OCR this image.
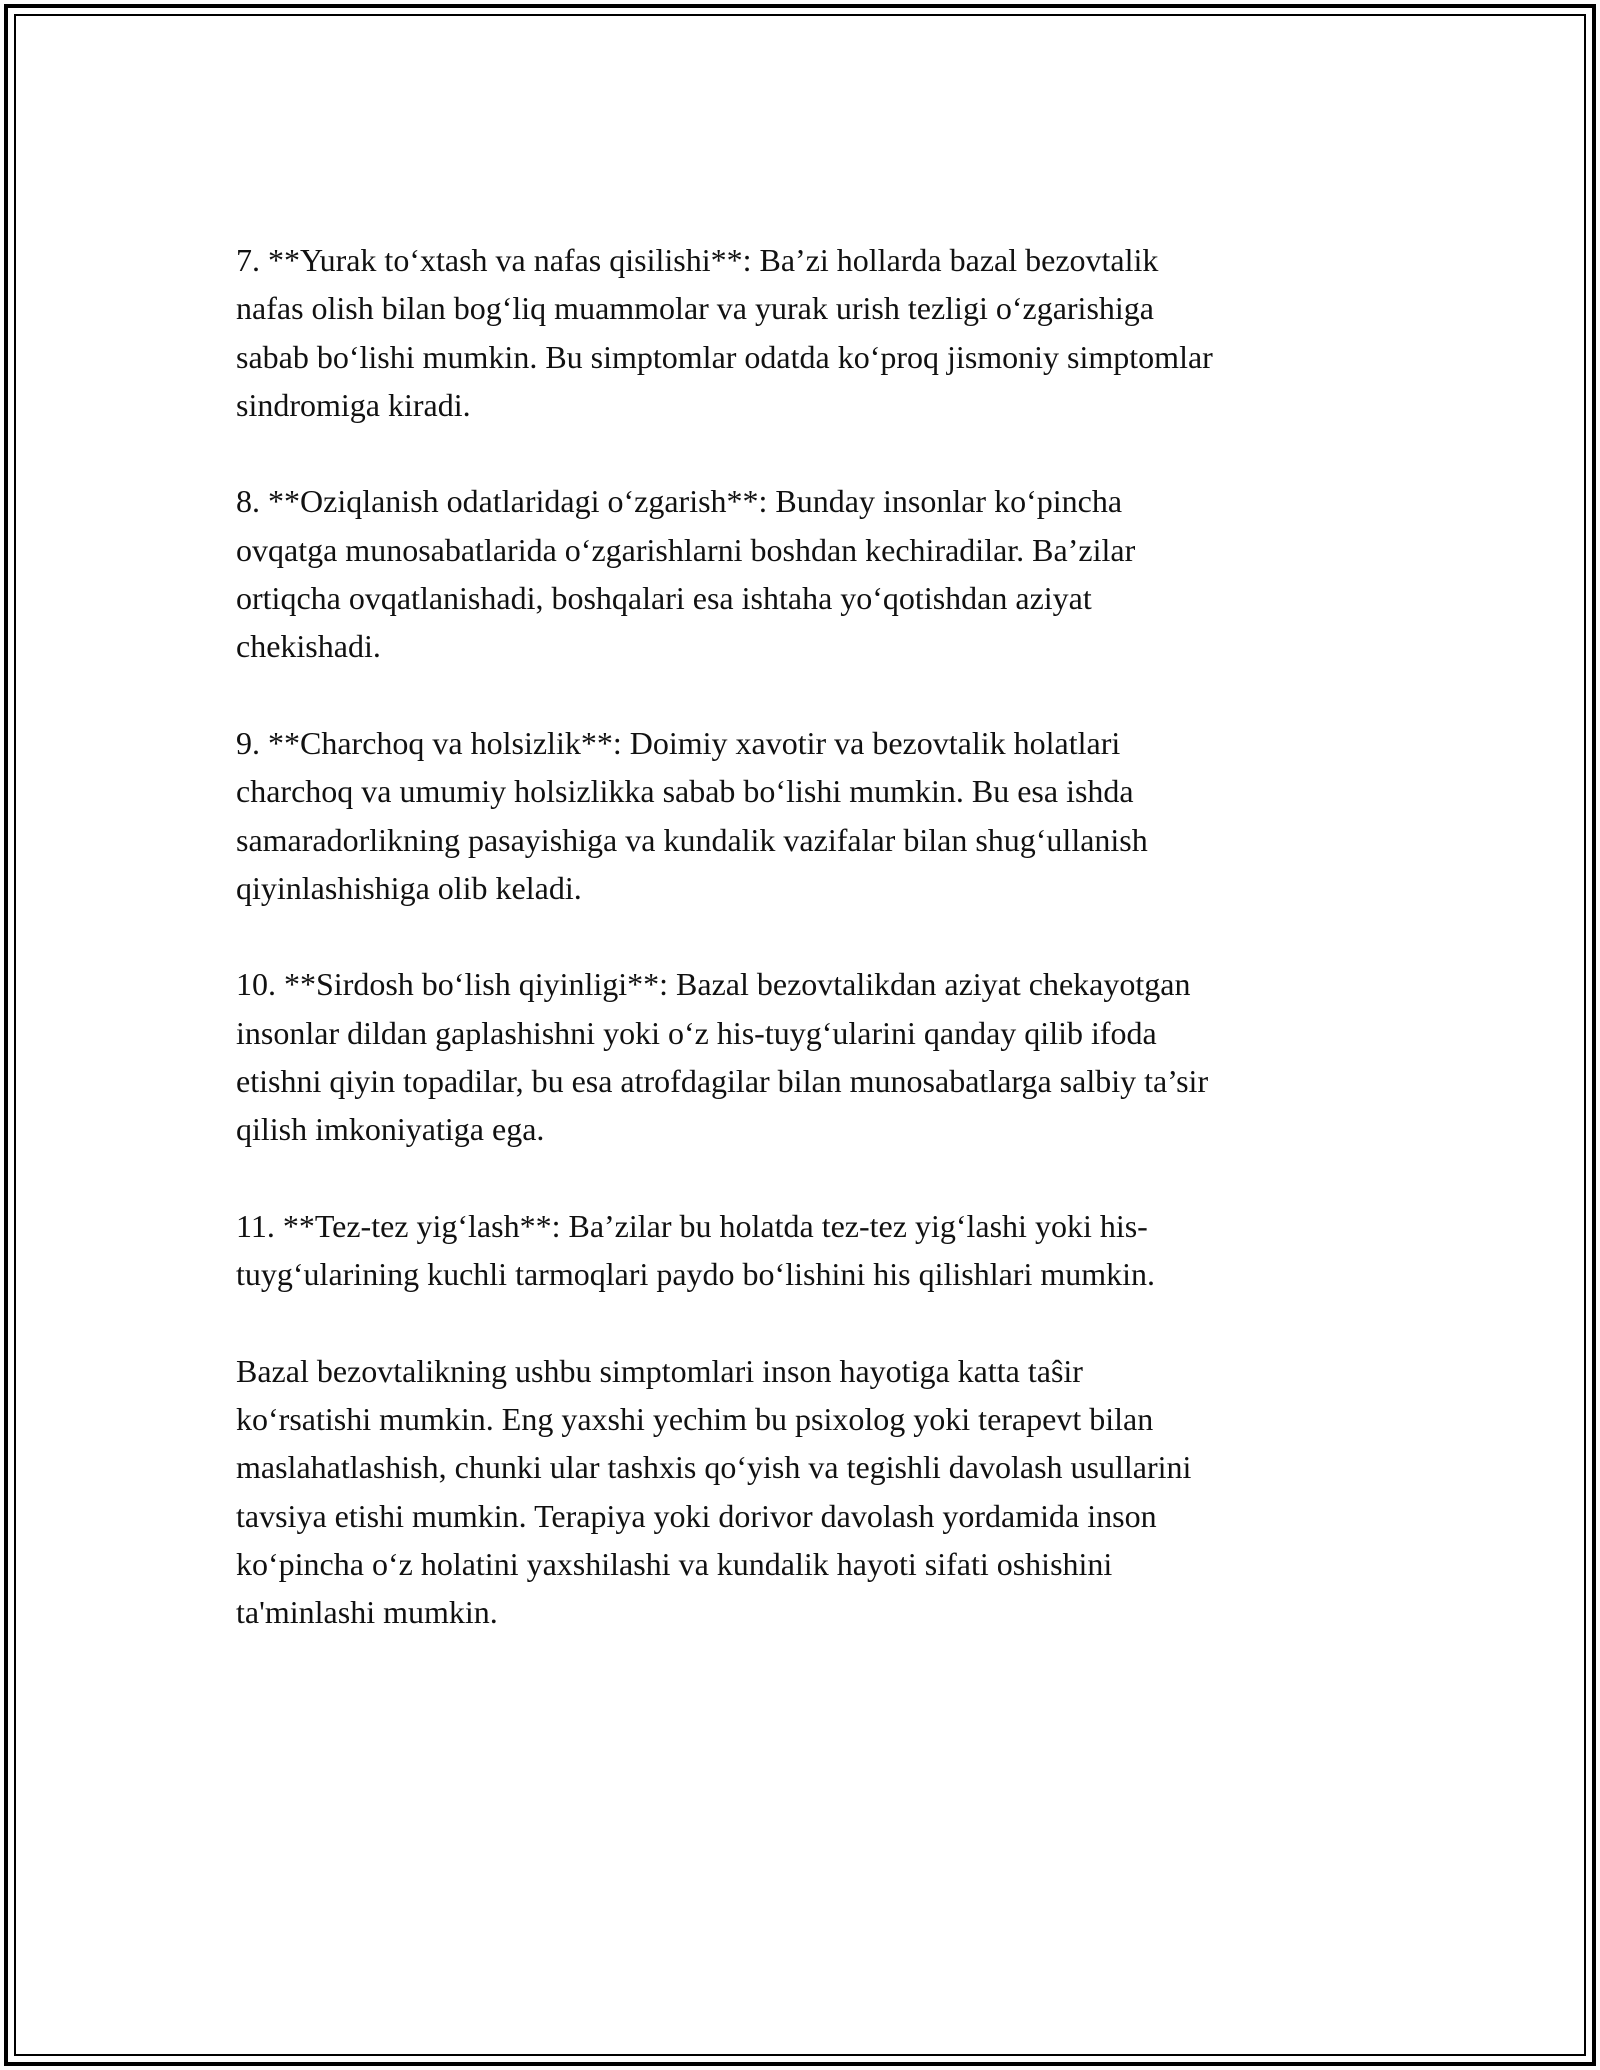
7. **Yurak to‘xtash va nafas qisilishi**: Ba’zi hollarda bazal bezovtalik
nafas olish bilan bog‘liq muammolar va yurak urish tezligi o‘zgarishiga
sabab bo‘lishi mumkin. Bu simptomlar odatda ko‘proq jismoniy simptomlar
sindromiga kiradi.

8. **Oziqlanish odatlaridagi o‘zgarish**: Bunday insonlar ko‘pincha
ovqatga munosabatlarida o‘zgarishlarni boshdan kechiradilar. Ba’zilar
ortiqcha ovqatlanishadi, boshqalari esa ishtaha yo‘qotishdan aziyat
chekishadi.

9. **Charchoq va holsizlik**: Doimiy xavotir va bezovtalik holatlari
charchoq va umumiy holsizlikka sabab bo‘lishi mumkin. Bu esa ishda
samaradorlikning pasayishiga va kundalik vazifalar bilan shug‘ullanish
qiyinlashishiga olib keladi.

10. **Sirdosh bo‘lish qiyinligi**: Bazal bezovtalikdan aziyat chekayotgan
insonlar dildan gaplashishni yoki o‘z his-tuyg‘ularini qanday qilib ifoda
etishni qiyin topadilar, bu esa atrofdagilar bilan munosabatlarga salbiy ta’sir
qilish imkoniyatiga ega.

11. **Tez-tez yig‘lash**: Ba’zilar bu holatda tez-tez yig‘lashi yoki his-
tuyg‘ularining kuchli tarmoqlari paydo bo‘lishini his qilishlari mumkin.

Bazal bezovtalikning ushbu simptomlari inson hayotiga katta taŝir
ko‘rsatishi mumkin. Eng yaxshi yechim bu psixolog yoki terapevt bilan
maslahatlashish, chunki ular tashxis qo‘yish va tegishli davolash usullarini
tavsiya etishi mumkin. Terapiya yoki dorivor davolash yordamida inson
ko‘pincha o‘z holatini yaxshilashi va kundalik hayoti sifati oshishini
ta'minlashi mumkin.
